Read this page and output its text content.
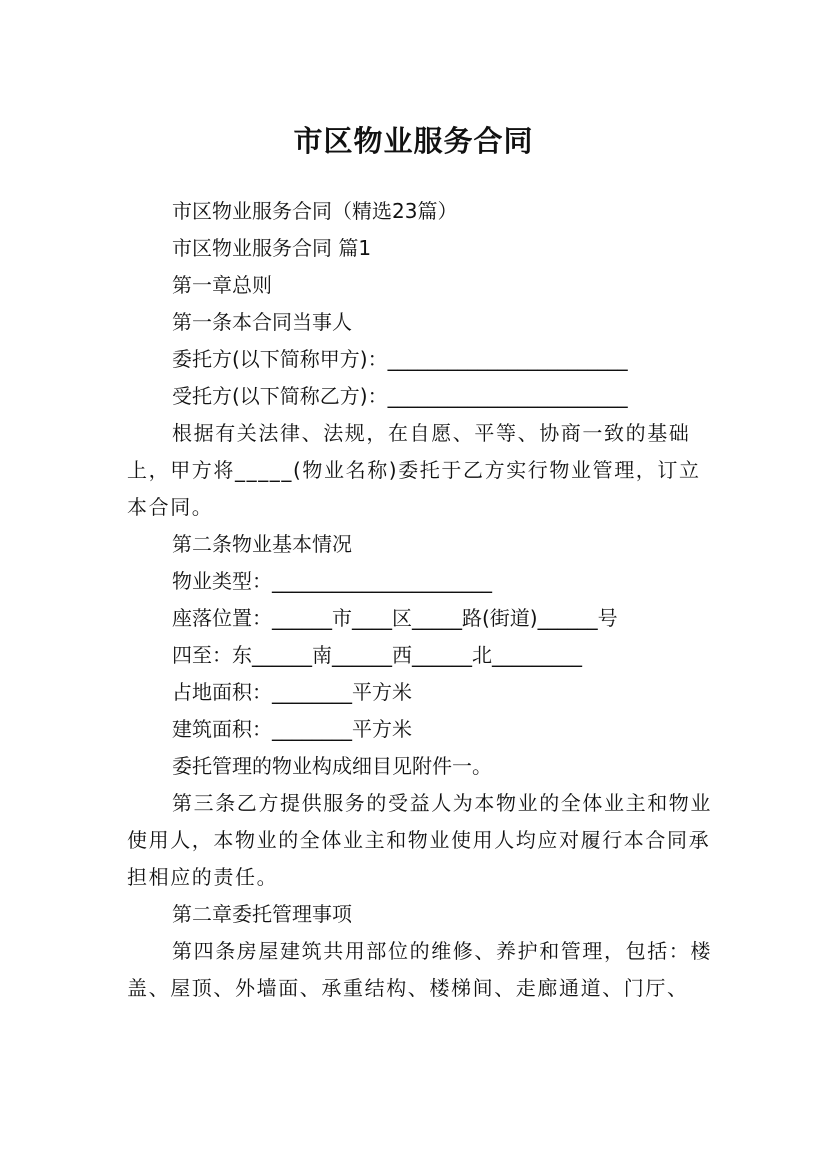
市区物业服务合同

市区物业服务合同（精选23篇）

市区物业服务合同 篇1

第一章总则

第一条本合同当事人

委托方(以下简称甲方)：________________________

受托方(以下简称乙方)：________________________

根据有关法律、法规，在自愿、平等、协商一致的基础上，甲方将_____(物业名称)委托于乙方实行物业管理，订立本合同。

第二条物业基本情况

物业类型：______________________

座落位置：______市____区_____路(街道)______号

四至：东______南______西______北_________

占地面积：________平方米

建筑面积：________平方米

委托管理的物业构成细目见附件一。

第三条乙方提供服务的受益人为本物业的全体业主和物业使用人，本物业的全体业主和物业使用人均应对履行本合同承担相应的责任。

第二章委托管理事项

第四条房屋建筑共用部位的维修、养护和管理，包括：楼盖、屋顶、外墙面、承重结构、楼梯间、走廊通道、门厅、
